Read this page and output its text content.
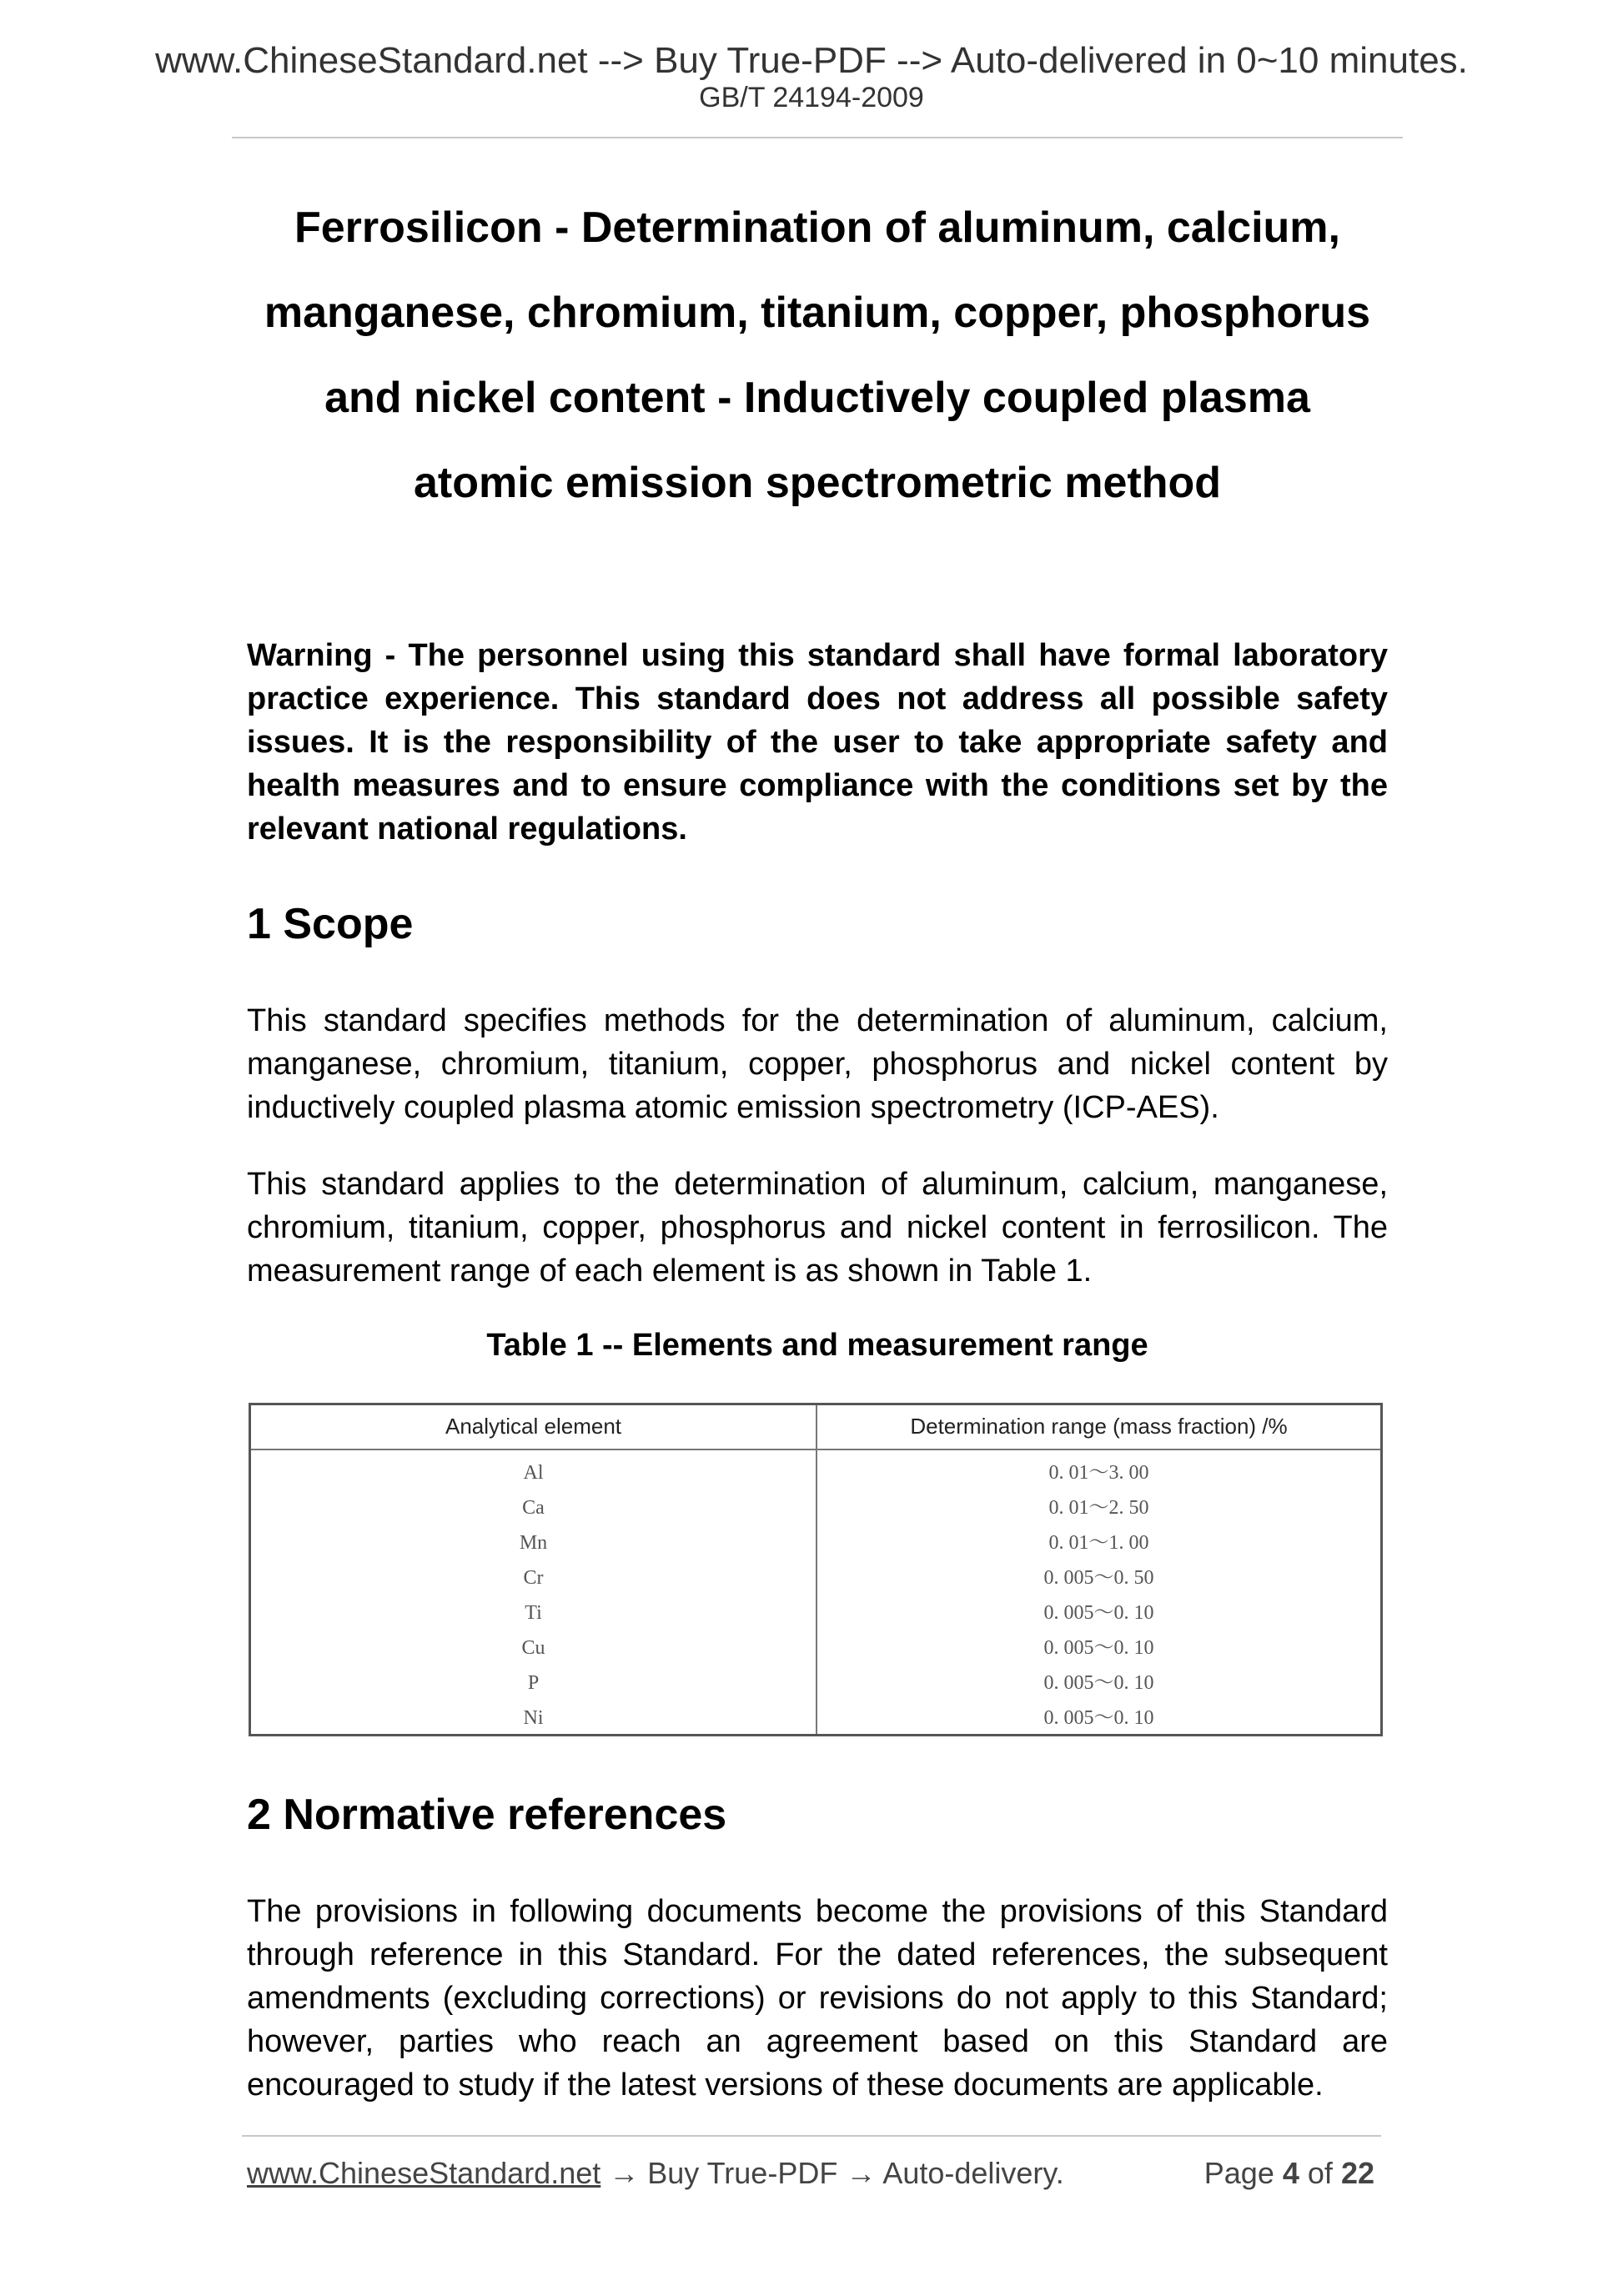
www.ChineseStandard.net --> Buy True-PDF --> Auto-delivered in 0~10 minutes.
GB/T 24194-2009
Ferrosilicon - Determination of aluminum, calcium,
manganese, chromium, titanium, copper, phosphorus
and nickel content - Inductively coupled plasma
atomic emission spectrometric method
Warning - The personnel using this standard shall have formal laboratory practice experience. This standard does not address all possible safety issues. It is the responsibility of the user to take appropriate safety and health measures and to ensure compliance with the conditions set by the relevant national regulations.
1 Scope
This standard specifies methods for the determination of aluminum, calcium, manganese, chromium, titanium, copper, phosphorus and nickel content by inductively coupled plasma atomic emission spectrometry (ICP-AES).
This standard applies to the determination of aluminum, calcium, manganese, chromium, titanium, copper, phosphorus and nickel content in ferrosilicon. The measurement range of each element is as shown in Table 1.
Table 1 -- Elements and measurement range
Analytical element	Determination range (mass fraction) /%
Al	0. 01～3. 00
Ca	0. 01～2. 50
Mn	0. 01～1. 00
Cr	0. 005～0. 50
Ti	0. 005～0. 10
Cu	0. 005～0. 10
P	0. 005～0. 10
Ni	0. 005～0. 10
2 Normative references
The provisions in following documents become the provisions of this Standard through reference in this Standard. For the dated references, the subsequent amendments (excluding corrections) or revisions do not apply to this Standard; however, parties who reach an agreement based on this Standard are encouraged to study if the latest versions of these documents are applicable.
www.ChineseStandard.net → Buy True-PDF → Auto-delivery.	Page 4 of 22
